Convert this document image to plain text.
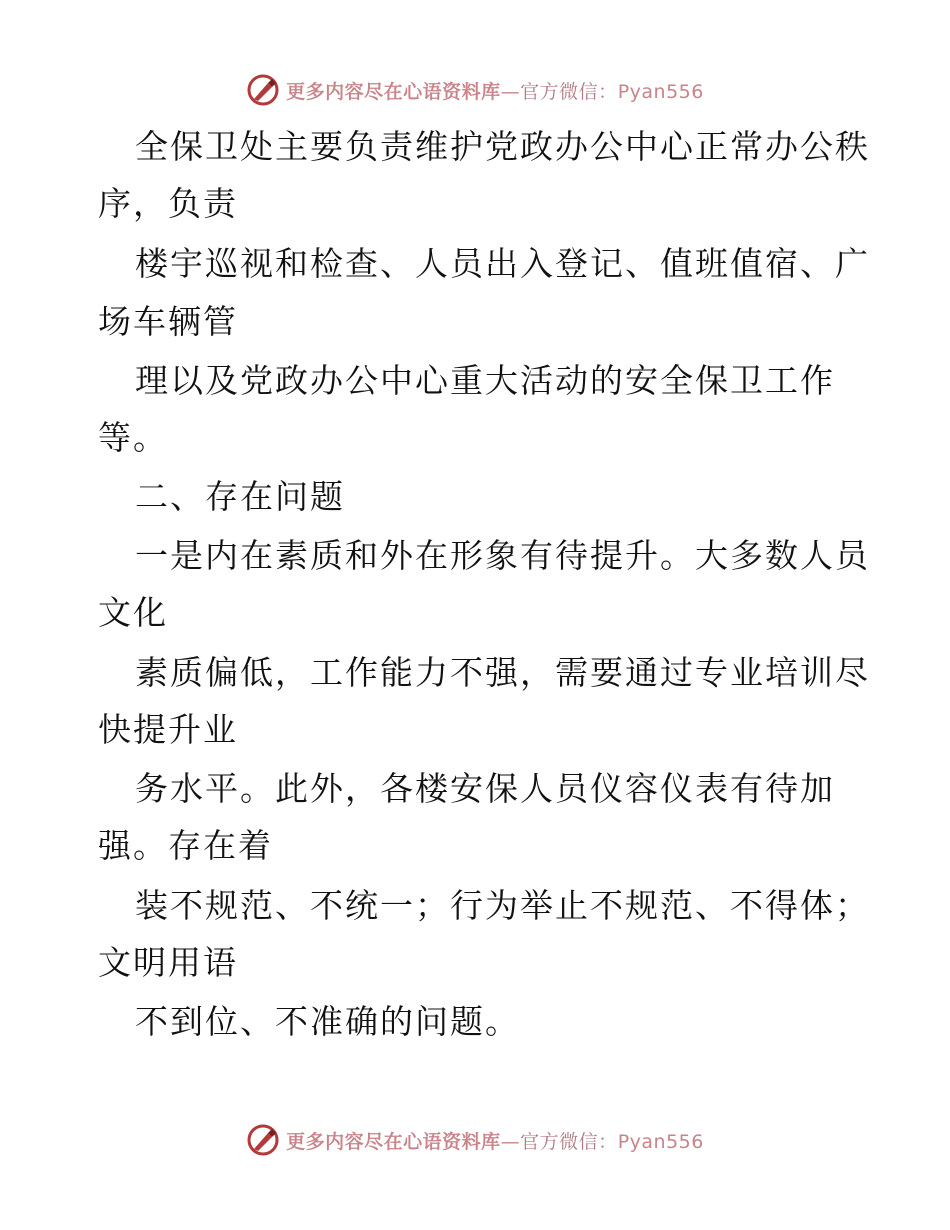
更多内容尽在心语资料库—官方微信：Pyan556
全保卫处主要负责维护党政办公中心正常办公秩
序，负责
楼宇巡视和检查、人员出入登记、值班值宿、广
场车辆管
理以及党政办公中心重大活动的安全保卫工作
等。
二、存在问题
一是内在素质和外在形象有待提升。大多数人员
文化
素质偏低，工作能力不强，需要通过专业培训尽
快提升业
务水平。此外，各楼安保人员仪容仪表有待加
强。存在着
装不规范、不统一；行为举止不规范、不得体；
文明用语
不到位、不准确的问题。
更多内容尽在心语资料库—官方微信：Pyan556
